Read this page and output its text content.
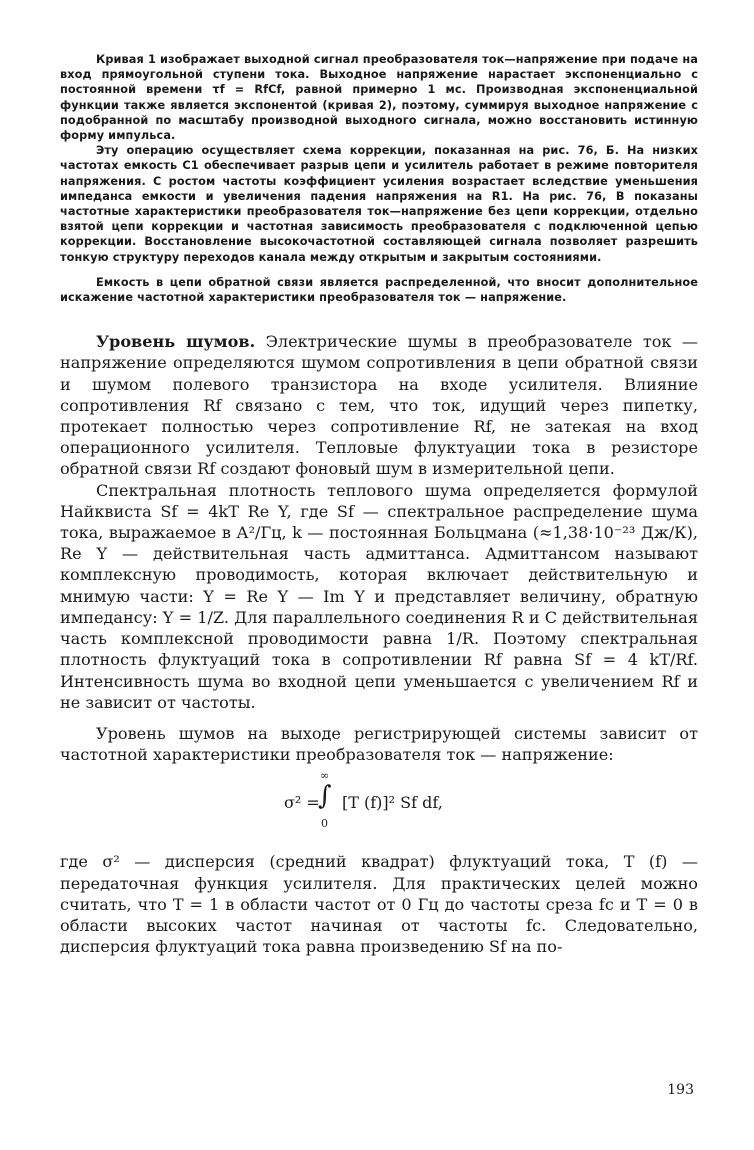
Кривая 1 изображает выходной сигнал преобразователя ток—напряжение при подаче на вход прямоугольной ступени тока. Выходное напряжение нарастает экспоненциально с постоянной времени τf = RfCf, равной примерно 1 мс. Производная экспоненциальной функции также является экспонентой (кривая 2), поэтому, суммируя выходное напряжение с подобранной по масштабу производной выходного сигнала, можно восстановить истинную форму импульса.

Эту операцию осуществляет схема коррекции, показанная на рис. 76, Б. На низких частотах емкость C1 обеспечивает разрыв цепи и усилитель работает в режиме повторителя напряжения. С ростом частоты коэффициент усиления возрастает вследствие уменьшения импеданса емкости и увеличения падения напряжения на R1. На рис. 76, В показаны частотные характеристики преобразователя ток—напряжение без цепи коррекции, отдельно взятой цепи коррекции и частотная зависимость преобразователя с подключенной цепью коррекции. Восстановление высокочастотной составляющей сигнала позволяет разрешить тонкую структуру переходов канала между открытым и закрытым состояниями.

Емкость в цепи обратной связи является распределенной, что вносит дополнительное искажение частотной характеристики преобразователя ток — напряжение.

Уровень шумов. Электрические шумы в преобразователе ток — напряжение определяются шумом сопротивления в цепи обратной связи и шумом полевого транзистора на входе усилителя. Влияние сопротивления Rf связано с тем, что ток, идущий через пипетку, протекает полностью через сопротивление Rf, не затекая на вход операционного усилителя. Тепловые флуктуации тока в резисторе обратной связи Rf создают фоновый шум в измерительной цепи.

Спектральная плотность теплового шума определяется формулой Найквиста Sf = 4kT Re Y, где Sf — спектральное распределение шума тока, выражаемое в А²/Гц, k — постоянная Больцмана (≈1,38·10⁻²³ Дж/К), Re Y — действительная часть адмиттанса. Адмиттансом называют комплексную проводимость, которая включает действительную и мнимую части: Y = Re Y — Im Y и представляет величину, обратную импедансу: Y = 1/Z. Для параллельного соединения R и C действительная часть комплексной проводимости равна 1/R. Поэтому спектральная плотность флуктуаций тока в сопротивлении Rf равна Sf = 4 kT/Rf. Интенсивность шума во входной цепи уменьшается с увеличением Rf и не зависит от частоты.

Уровень шумов на выходе регистрирующей системы зависит от частотной характеристики преобразователя ток — напряжение:

σ² =
∞
∫
0
[T (f)]² Sf df,

где σ² — дисперсия (средний квадрат) флуктуаций тока, T (f) — передаточная функция усилителя. Для практических целей можно считать, что T = 1 в области частот от 0 Гц до частоты среза fc и T = 0 в области высоких частот начиная от частоты fc. Следовательно, дисперсия флуктуаций тока равна произведению Sf на по-

193
